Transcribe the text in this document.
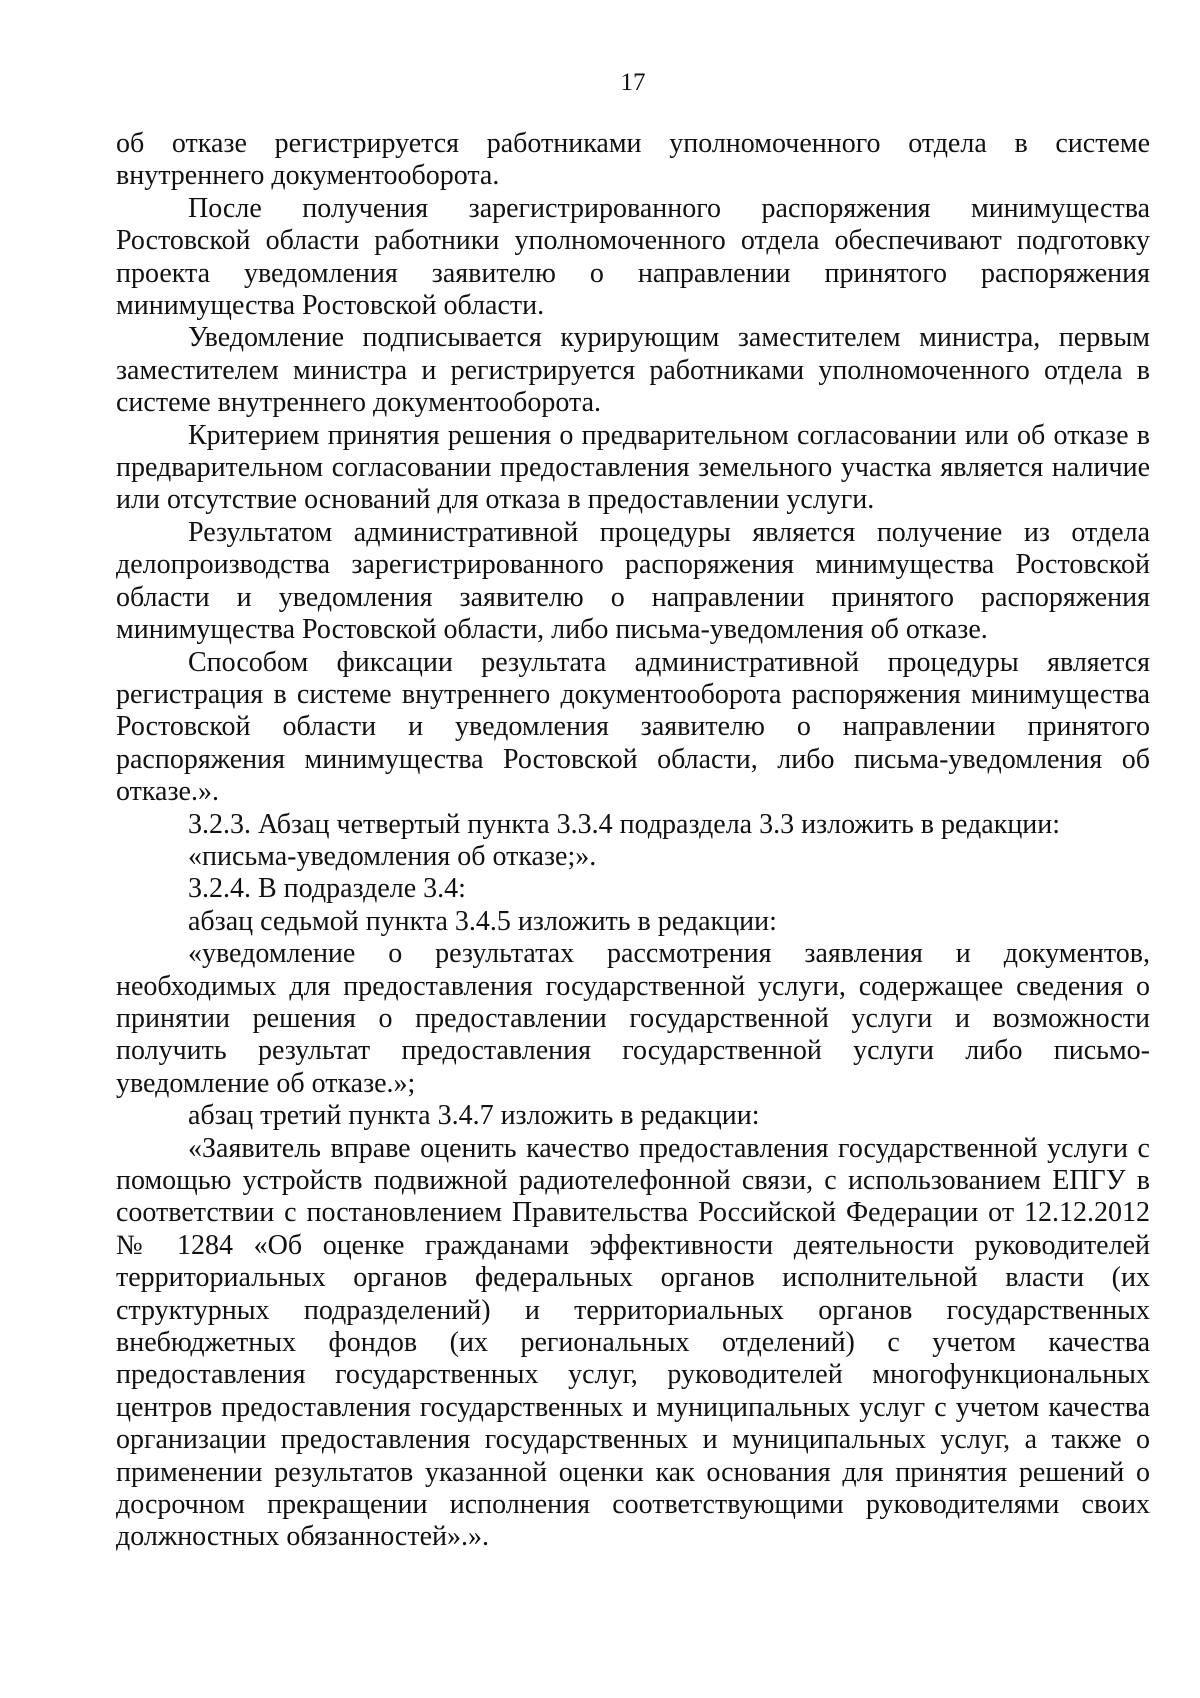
17

об отказе регистрируется работниками уполномоченного отдела в системе внутреннего документооборота.

После получения зарегистрированного распоряжения минимущества Ростовской области работники уполномоченного отдела обеспечивают подготовку проекта уведомления заявителю о направлении принятого распоряжения минимущества Ростовской области.

Уведомление подписывается курирующим заместителем министра, первым заместителем министра и регистрируется работниками уполномоченного отдела в системе внутреннего документооборота.

Критерием принятия решения о предварительном согласовании или об отказе в предварительном согласовании предоставления земельного участка является наличие или отсутствие оснований для отказа в предоставлении услуги.

Результатом административной процедуры является получение из отдела делопроизводства зарегистрированного распоряжения минимущества Ростовской области и уведомления заявителю о направлении принятого распоряжения минимущества Ростовской области, либо письма-уведомления об отказе.

Способом фиксации результата административной процедуры является регистрация в системе внутреннего документооборота распоряжения минимущества Ростовской области и уведомления заявителю о направлении принятого распоряжения минимущества Ростовской области, либо письма-уведомления об отказе.».

3.2.3. Абзац четвертый пункта 3.3.4 подраздела 3.3 изложить в редакции:

«письма-уведомления об отказе;».

3.2.4. В подразделе 3.4:

абзац седьмой пункта 3.4.5 изложить в редакции:

«уведомление о результатах рассмотрения заявления и документов, необходимых для предоставления государственной услуги, содержащее сведения о принятии решения о предоставлении государственной услуги и возможности получить результат предоставления государственной услуги либо письмо-уведомление об отказе.»;

абзац третий пункта 3.4.7 изложить в редакции:

«Заявитель вправе оценить качество предоставления государственной услуги с помощью устройств подвижной радиотелефонной связи, с использованием ЕПГУ в соответствии с постановлением Правительства Российской Федерации от 12.12.2012 № 1284 «Об оценке гражданами эффективности деятельности руководителей территориальных органов федеральных органов исполнительной власти (их структурных подразделений) и территориальных органов государственных внебюджетных фондов (их региональных отделений) с учетом качества предоставления государственных услуг, руководителей многофункциональных центров предоставления государственных и муниципальных услуг с учетом качества организации предоставления государственных и муниципальных услуг, а также о применении результатов указанной оценки как основания для принятия решений о досрочном прекращении исполнения соответствующими руководителями своих должностных обязанностей».».
